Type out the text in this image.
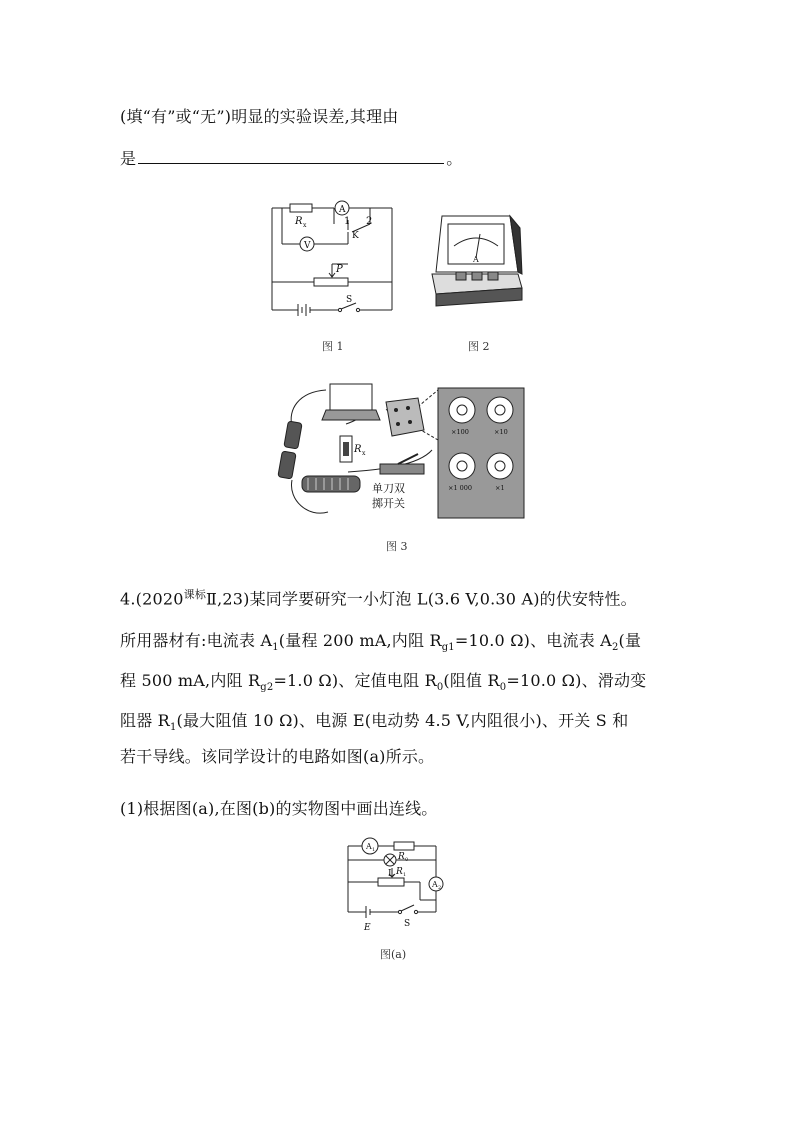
(填“有”或“无”)明显的实验误差,其理由
是	。
R x
A
V
1 2
K
P
S
图 1
A
图 2
×100	×10
×1 000	×1
R x
单刀双
掷开关
图 3
$4.(2020^{课标}Ⅱ,23)$某同学要研究一小灯泡 L(3.6 V,0.30 A)的伏安特性。
所用器材有:电流表 $A_1$(量程 200 mA,内阻 $R_{g1}=10.0$ Ω)、电流表 $A_2$(量
程 500 mA,内阻 $R_{g2}=1.0$ Ω)、定值电阻 $R_0$(阻值 $R_0=10.0$ Ω)、滑动变
阻器 $R_1$(最大阻值 10 Ω)、电源 E(电动势 4.5 V,内阻很小)、开关 S 和
若干导线。该同学设计的电路如图(a)所示。
(1)根据图(a),在图(b)的实物图中画出连线。
A 1
R 0
L
A 2
R 1
E	S
图(a)
